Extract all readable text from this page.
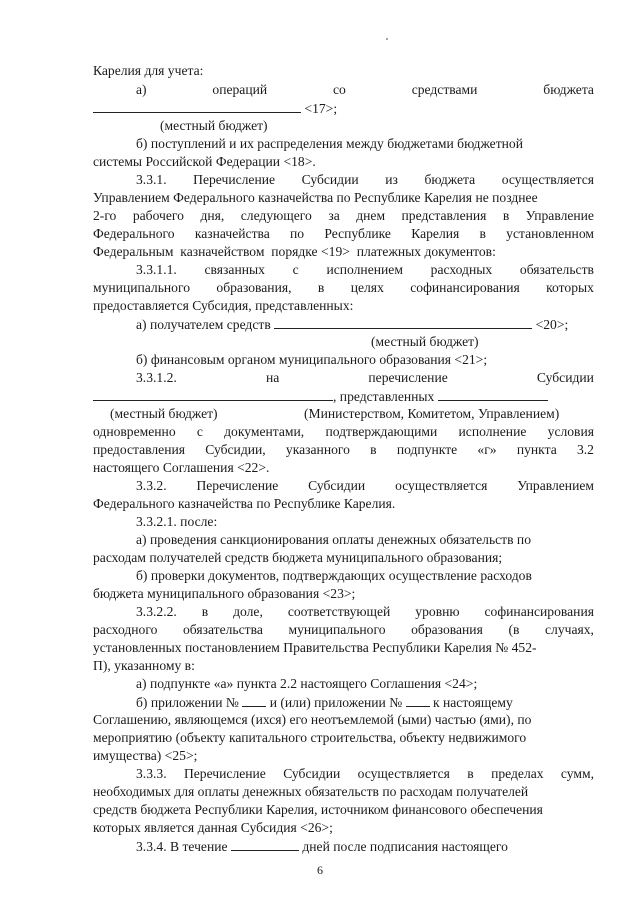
Карелия для учета:
а)	операций	со	средствами	бюджета
<17>;
(местный бюджет)
б) поступлений и их распределения между бюджетами бюджетной
системы Российской Федерации <18>.
3.3.1. Перечисление Субсидии из бюджета осуществляется
Управлением Федерального казначейства по Республике Карелия не позднее
2-го рабочего дня, следующего за днем представления в Управление
Федерального казначейства по Республике Карелия в установленном
Федеральным казначейством порядке <19> платежных документов:
3.3.1.1. связанных с исполнением расходных обязательств
муниципального образования, в целях софинансирования которых
предоставляется Субсидия, представленных:
а) получателем средств	<20>;
(местный бюджет)
б) финансовым органом муниципального образования <21>;
3.3.1.2.	на	перечисление	Субсидии
, представленных
(местный бюджет)	(Министерством, Комитетом, Управлением)
одновременно с документами, подтверждающими исполнение условия
предоставления Субсидии, указанного в подпункте «г» пункта 3.2
настоящего Соглашения <22>.
3.3.2. Перечисление Субсидии осуществляется Управлением
Федерального казначейства по Республике Карелия.
3.3.2.1. после:
а) проведения санкционирования оплаты денежных обязательств по
расходам получателей средств бюджета муниципального образования;
б) проверки документов, подтверждающих осуществление расходов
бюджета муниципального образования <23>;
3.3.2.2. в доле, соответствующей уровню софинансирования
расходного обязательства муниципального образования (в случаях,
установленных постановлением Правительства Республики Карелия № 452-
П), указанному в:
а) подпункте «а» пункта 2.2 настоящего Соглашения <24>;
б) приложении № и (или) приложении № к настоящему
Соглашению, являющемся (ихся) его неотъемлемой (ыми) частью (ями), по
мероприятию (объекту капитального строительства, объекту недвижимого
имущества) <25>;
3.3.3. Перечисление Субсидии осуществляется в пределах сумм,
необходимых для оплаты денежных обязательств по расходам получателей
средств бюджета Республики Карелия, источником финансового обеспечения
которых является данная Субсидия <26>;
3.3.4. В течение	дней после подписания настоящего
6
